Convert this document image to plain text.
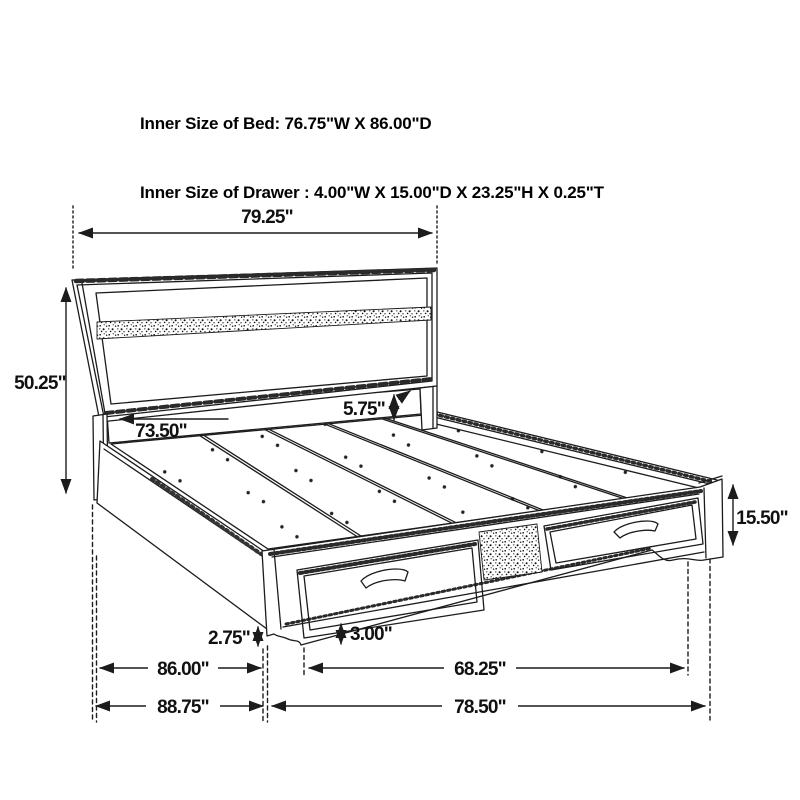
Inner Size of Bed: 76.75"W X 86.00"D

Inner Size of Drawer : 4.00"W X 15.00"D X 23.25"H X 0.25"T

79.25"
50.25"
73.50"
5.75"
15.50"
2.75"	3.00"
86.00"	68.25"
88.75"	78.50"
